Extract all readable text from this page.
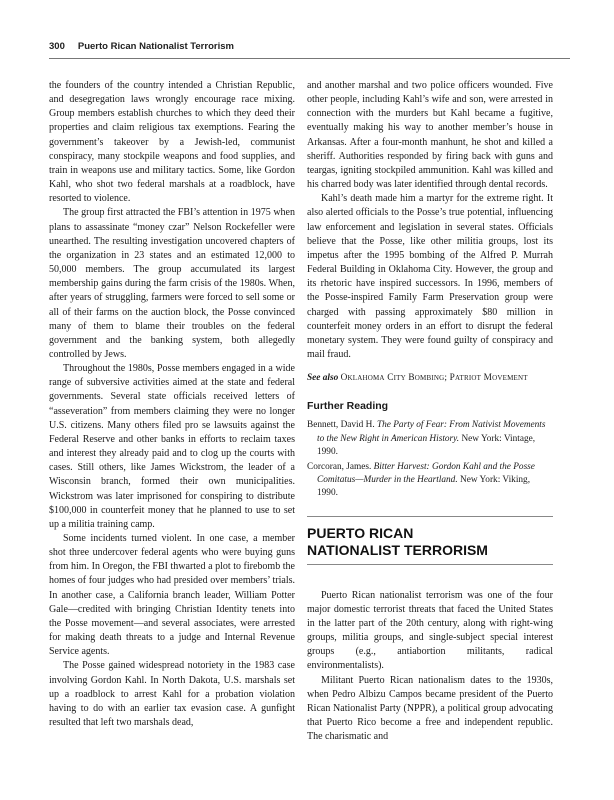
300 Puerto Rican Nationalist Terrorism

the founders of the country intended a Christian Republic, and desegregation laws wrongly encourage race mixing. Group members establish churches to which they deed their properties and claim religious tax exemptions. Fearing the government’s takeover by a Jewish-led, communist conspiracy, many stockpile weapons and food supplies, and train in weapons use and military tactics. Some, like Gordon Kahl, who shot two federal marshals at a roadblock, have resorted to violence.

The group first attracted the FBI’s attention in 1975 when plans to assassinate “money czar” Nelson Rockefeller were unearthed. The resulting investigation uncovered chapters of the organization in 23 states and an estimated 12,000 to 50,000 members. The group accumulated its largest membership gains during the farm crisis of the 1980s. When, after years of struggling, farmers were forced to sell some or all of their farms on the auction block, the Posse convinced many of them to blame their troubles on the federal government and the banking system, both allegedly controlled by Jews.

Throughout the 1980s, Posse members engaged in a wide range of subversive activities aimed at the state and federal governments. Several state officials received letters of “asseveration” from members claiming they were no longer U.S. citizens. Many others filed pro se lawsuits against the Federal Reserve and other banks in efforts to reclaim taxes and interest they already paid and to clog up the courts with cases. Still others, like James Wickstrom, the leader of a Wisconsin branch, formed their own municipalities. Wickstrom was later imprisoned for conspiring to distribute $100,000 in counterfeit money that he planned to use to set up a militia training camp.

Some incidents turned violent. In one case, a member shot three undercover federal agents who were buying guns from him. In Oregon, the FBI thwarted a plot to firebomb the homes of four judges who had presided over members’ trials. In another case, a California branch leader, William Potter Gale—credited with bringing Christian Identity tenets into the Posse movement—and several associates, were arrested for making death threats to a judge and Internal Revenue Service agents.

The Posse gained widespread notoriety in the 1983 case involving Gordon Kahl. In North Dakota, U.S. marshals set up a roadblock to arrest Kahl for a probation violation having to do with an earlier tax evasion case. A gunfight resulted that left two marshals dead,

and another marshal and two police officers wounded. Five other people, including Kahl’s wife and son, were arrested in connection with the murders but Kahl became a fugitive, eventually making his way to another member’s house in Arkansas. After a four-month manhunt, he shot and killed a sheriff. Authorities responded by firing back with guns and teargas, igniting stockpiled ammunition. Kahl was killed and his charred body was later identified through dental records.

Kahl’s death made him a martyr for the extreme right. It also alerted officials to the Posse’s true potential, influencing law enforcement and legislation in several states. Officials believe that the Posse, like other militia groups, lost its impetus after the 1995 bombing of the Alfred P. Murrah Federal Building in Oklahoma City. However, the group and its rhetoric have inspired successors. In 1996, members of the Posse-inspired Family Farm Preservation group were charged with passing approximately $80 million in counterfeit money orders in an effort to disrupt the federal monetary system. They were found guilty of conspiracy and mail fraud.

See also Oklahoma City Bombing; Patriot Movement

Further Reading

Bennett, David H. The Party of Fear: From Nativist Movements to the New Right in American History. New York: Vintage, 1990.

Corcoran, James. Bitter Harvest: Gordon Kahl and the Posse Comitatus—Murder in the Heartland. New York: Viking, 1990.

PUERTO RICAN
NATIONALIST TERRORISM

Puerto Rican nationalist terrorism was one of the four major domestic terrorist threats that faced the United States in the latter part of the 20th century, along with right-wing groups, militia groups, and single-subject special interest groups (e.g., antiabortion militants, radical environmentalists).

Militant Puerto Rican nationalism dates to the 1930s, when Pedro Albizu Campos became president of the Puerto Rican Nationalist Party (NPPR), a political group advocating that Puerto Rico become a free and independent republic. The charismatic and
